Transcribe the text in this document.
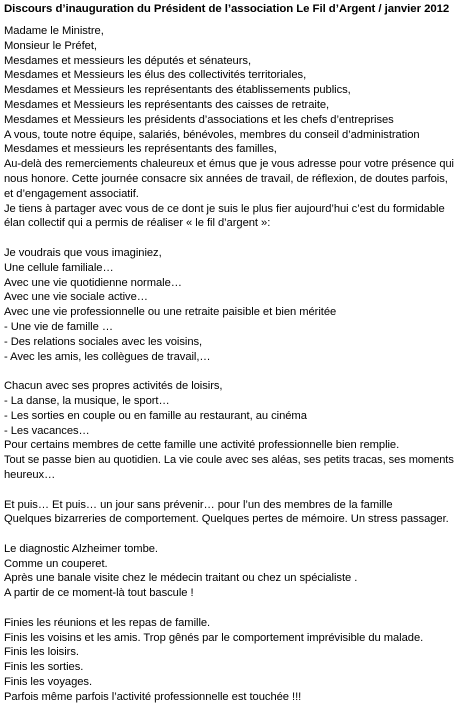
Discours d’inauguration du Président de l’association Le Fil d’Argent / janvier 2012
Madame le Ministre,
Monsieur le Préfet,
Mesdames et messieurs les députés et sénateurs,
Mesdames et Messieurs les élus des collectivités territoriales,
Mesdames et Messieurs les représentants des établissements publics,
Mesdames et Messieurs les représentants des caisses de retraite,
Mesdames et Messieurs les présidents d’associations et les chefs d’entreprises
A vous, toute notre équipe, salariés, bénévoles, membres du conseil d’administration
Mesdames et messieurs les représentants des familles,
Au-delà des remerciements chaleureux et émus que je vous adresse pour votre présence qui
nous honore. Cette journée consacre six années de travail, de réflexion, de doutes parfois,
et d’engagement associatif.
Je tiens à partager avec vous de ce dont je suis le plus fier aujourd’hui c’est du formidable
élan collectif qui a permis de réaliser « le fil d’argent »:
Je voudrais que vous imaginiez,
Une cellule familiale…
Avec une vie quotidienne normale…
Avec une vie sociale active…
Avec une vie professionnelle ou une retraite paisible et bien méritée
- Une vie de famille …
- Des relations sociales avec les voisins,
- Avec les amis, les collègues de travail,…
Chacun avec ses propres activités de loisirs,
- La danse, la musique, le sport…
- Les sorties en couple ou en famille au restaurant, au cinéma
- Les vacances…
Pour certains membres de cette famille une activité professionnelle bien remplie.
Tout se passe bien au quotidien. La vie coule avec ses aléas, ses petits tracas, ses moments
heureux…
Et puis… Et puis… un jour sans prévenir… pour l’un des membres de la famille
Quelques bizarreries de comportement. Quelques pertes de mémoire. Un stress passager.
Le diagnostic Alzheimer tombe.
Comme un couperet.
Après une banale visite chez le médecin traitant ou chez un spécialiste .
A partir de ce moment-là tout bascule !
Finies les réunions et les repas de famille.
Finis les voisins et les amis. Trop gênés par le comportement imprévisible du malade.
Finis les loisirs.
Finis les sorties.
Finis les voyages.
Parfois même parfois l’activité professionnelle est touchée !!!
